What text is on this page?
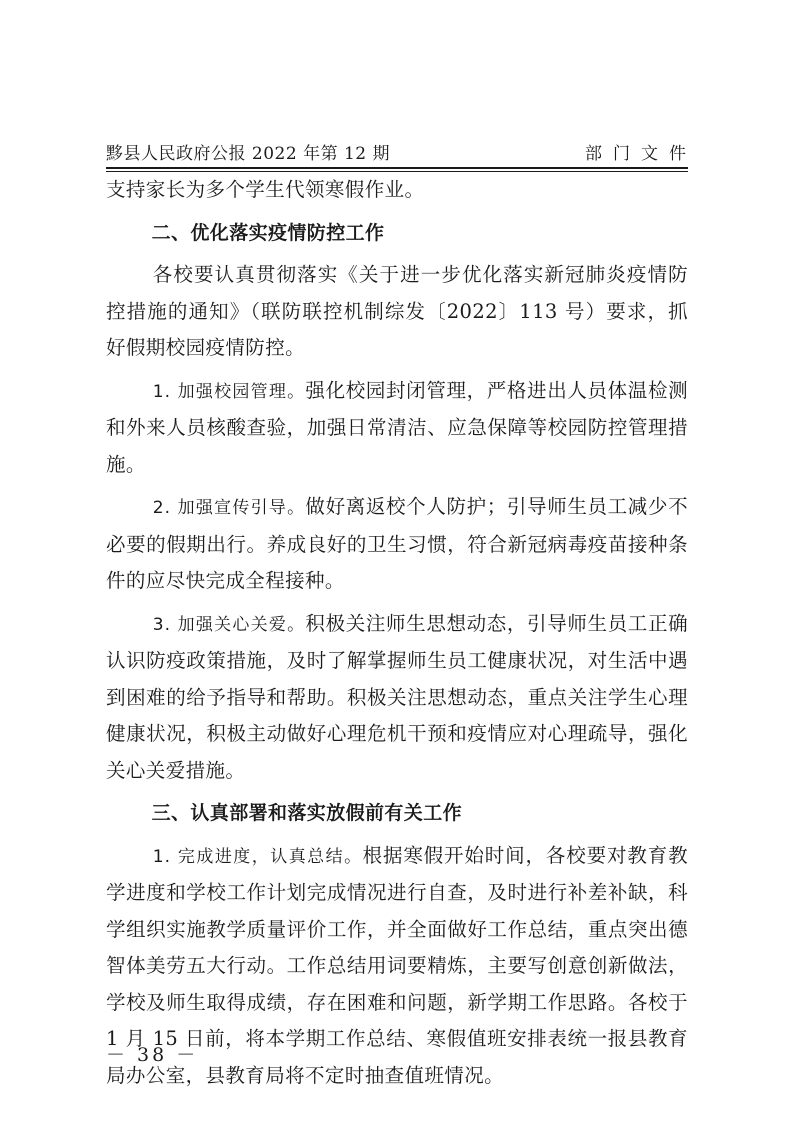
黟县人民政府公报 2022 年第 12 期	部门文件

支持家长为多个学生代领寒假作业。

二、优化落实疫情防控工作

各校要认真贯彻落实《关于进一步优化落实新冠肺炎疫情防控措施的通知》（联防联控机制综发〔2022〕113 号）要求，抓好假期校园疫情防控。

1. 加强校园管理。强化校园封闭管理，严格进出人员体温检测和外来人员核酸查验，加强日常清洁、应急保障等校园防控管理措施。

2. 加强宣传引导。做好离返校个人防护；引导师生员工减少不必要的假期出行。养成良好的卫生习惯，符合新冠病毒疫苗接种条件的应尽快完成全程接种。

3. 加强关心关爱。积极关注师生思想动态，引导师生员工正确认识防疫政策措施，及时了解掌握师生员工健康状况，对生活中遇到困难的给予指导和帮助。积极关注思想动态，重点关注学生心理健康状况，积极主动做好心理危机干预和疫情应对心理疏导，强化关心关爱措施。

三、认真部署和落实放假前有关工作

1. 完成进度，认真总结。根据寒假开始时间，各校要对教育教学进度和学校工作计划完成情况进行自查，及时进行补差补缺，科学组织实施教学质量评价工作，并全面做好工作总结，重点突出德智体美劳五大行动。工作总结用词要精炼，主要写创意创新做法，学校及师生取得成绩，存在困难和问题，新学期工作思路。各校于 1 月 15 日前，将本学期工作总结、寒假值班安排表统一报县教育局办公室，县教育局将不定时抽查值班情况。

－ 38 －
